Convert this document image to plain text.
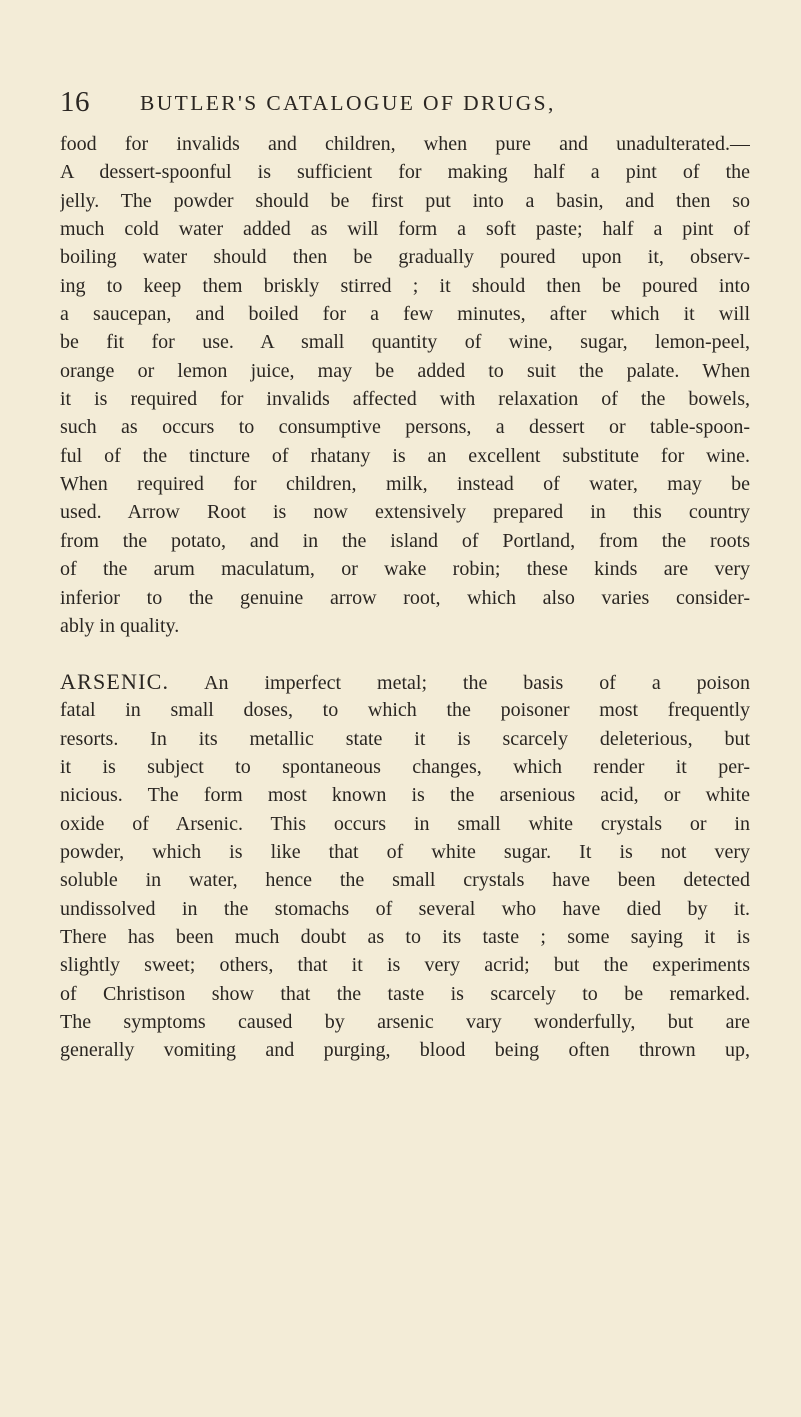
16 BUTLER'S CATALOGUE OF DRUGS,
food for invalids and children, when pure and unadulterated.—
A dessert-spoonful is sufficient for making half a pint of the
jelly. The powder should be first put into a basin, and then so
much cold water added as will form a soft paste; half a pint of
boiling water should then be gradually poured upon it, observ-
ing to keep them briskly stirred ; it should then be poured into
a saucepan, and boiled for a few minutes, after which it will
be fit for use. A small quantity of wine, sugar, lemon-peel,
orange or lemon juice, may be added to suit the palate. When
it is required for invalids affected with relaxation of the bowels,
such as occurs to consumptive persons, a dessert or table-spoon-
ful of the tincture of rhatany is an excellent substitute for wine.
When required for children, milk, instead of water, may be
used. Arrow Root is now extensively prepared in this country
from the potato, and in the island of Portland, from the roots
of the arum maculatum, or wake robin; these kinds are very
inferior to the genuine arrow root, which also varies consider-
ably in quality.
ARSENIC. An imperfect metal; the basis of a poison
fatal in small doses, to which the poisoner most frequently
resorts. In its metallic state it is scarcely deleterious, but
it is subject to spontaneous changes, which render it per-
nicious. The form most known is the arsenious acid, or white
oxide of Arsenic. This occurs in small white crystals or in
powder, which is like that of white sugar. It is not very
soluble in water, hence the small crystals have been detected
undissolved in the stomachs of several who have died by it.
There has been much doubt as to its taste ; some saying it is
slightly sweet; others, that it is very acrid; but the experiments
of Christison show that the taste is scarcely to be remarked.
The symptoms caused by arsenic vary wonderfully, but are
generally vomiting and purging, blood being often thrown up,
